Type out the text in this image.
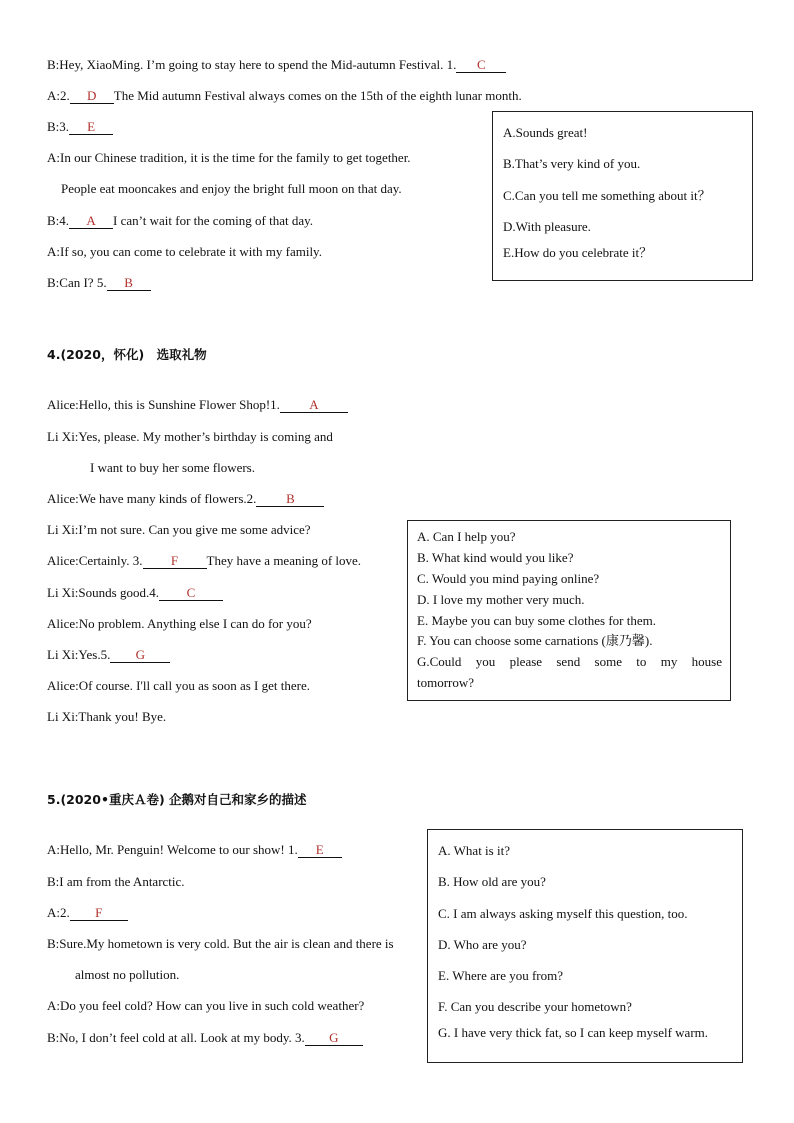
B:Hey, XiaoMing. I’m going to stay here to spend the Mid-autumn Festival. 1. C
A:2. D The Mid autumn Festival always comes on the 15th of the eighth lunar month.
B:3. E
A:In our Chinese tradition, it is the time for the family to get together.
People eat mooncakes and enjoy the bright full moon on that day.
B:4. A I can’t wait for the coming of that day.
A:If so, you can come to celebrate it with my family.
B:Can I? 5. B
A.Sounds great!
B.That’s very kind of you.
C.Can you tell me something about it？
D.With pleasure.
E.How do you celebrate it？
4.(2020，怀化)　选取礼物
Alice:Hello, this is Sunshine Flower Shop!1. A
Li Xi:Yes, please. My mother’s birthday is coming and
I want to buy her some flowers.
Alice:We have many kinds of flowers.2. B
Li Xi:I’m not sure. Can you give me some advice?
Alice:Certainly. 3. F They have a meaning of love.
Li Xi:Sounds good.4. C
Alice:No problem. Anything else I can do for you?
Li Xi:Yes.5. G
Alice:Of course. I'll call you as soon as I get there.
Li Xi:Thank you! Bye.
A. Can I help you?
B. What kind would you like?
C. Would you mind paying online?
D. I love my mother very much.
E. Maybe you can buy some clothes for them.
F. You can choose some carnations (康乃馨).
G.Could you please send some to my house
tomorrow?
5.(2020•重庆Ａ卷) 企鹅对自己和家乡的描述
A:Hello, Mr. Penguin! Welcome to our show! 1. E
B:I am from the Antarctic.
A:2. F
B:Sure.My hometown is very cold. But the air is clean and there is
almost no pollution.
A:Do you feel cold? How can you live in such cold weather?
B:No, I don’t feel cold at all. Look at my body. 3. G
A. What is it?
B. How old are you?
C. I am always asking myself this question, too.
D. Who are you?
E. Where are you from?
F. Can you describe your hometown?
G. I have very thick fat, so I can keep myself warm.
